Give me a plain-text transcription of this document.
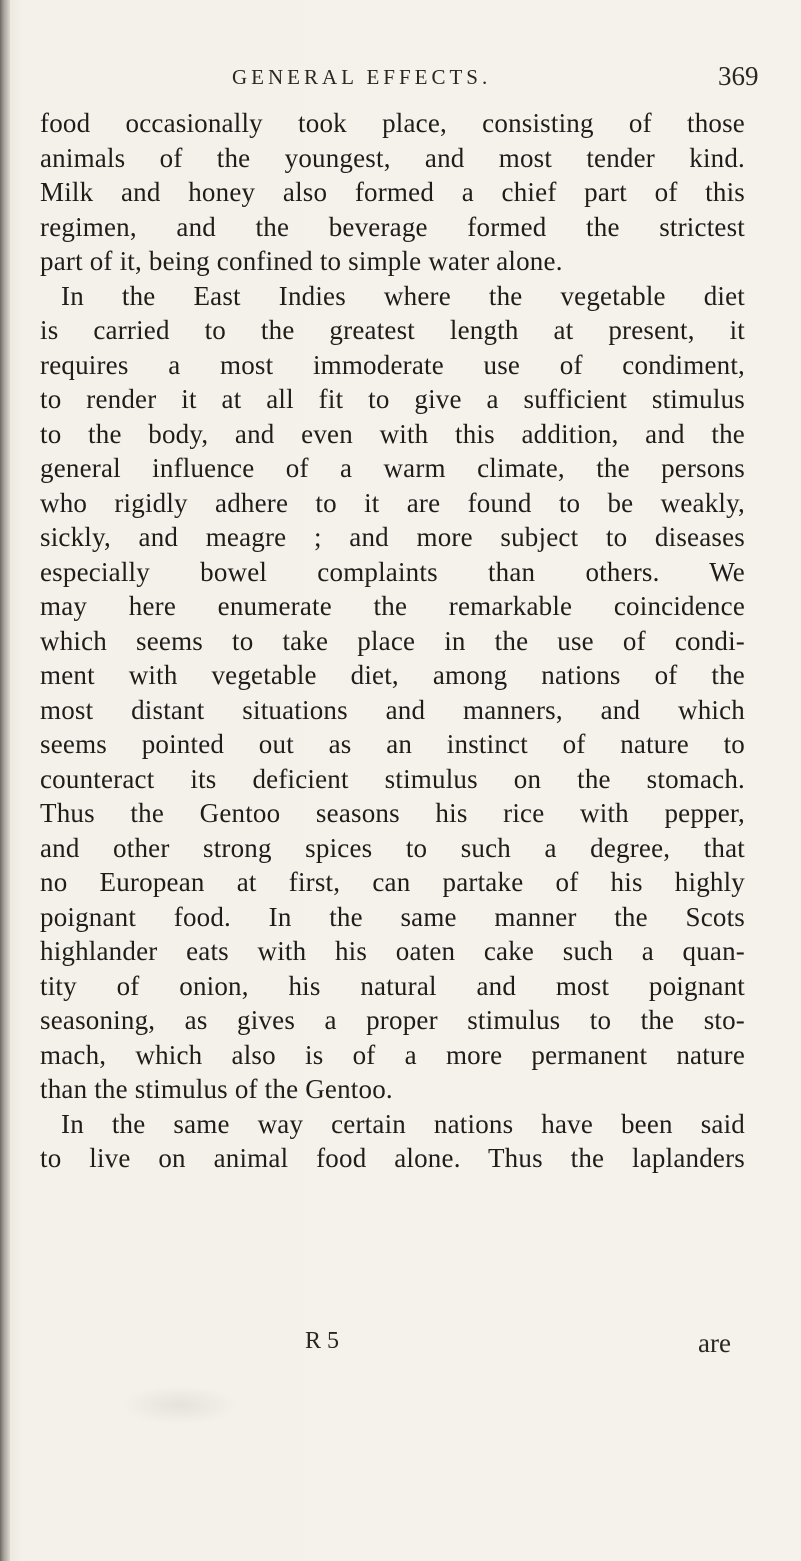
GENERAL EFFECTS.	369
food occasionally took place, consisting of those
animals of the youngest, and most tender kind.
Milk and honey also formed a chief part of this
regimen, and the beverage formed the strictest
part of it, being confined to simple water alone.
In the East Indies where the vegetable diet
is carried to the greatest length at present, it
requires a most immoderate use of condiment,
to render it at all fit to give a sufficient stimulus
to the body, and even with this addition, and the
general influence of a warm climate, the persons
who rigidly adhere to it are found to be weakly,
sickly, and meagre ; and more subject to diseases
especially bowel complaints than others. We
may here enumerate the remarkable coincidence
which seems to take place in the use of condi-
ment with vegetable diet, among nations of the
most distant situations and manners, and which
seems pointed out as an instinct of nature to
counteract its deficient stimulus on the stomach.
Thus the Gentoo seasons his rice with pepper,
and other strong spices to such a degree, that
no European at first, can partake of his highly
poignant food. In the same manner the Scots
highlander eats with his oaten cake such a quan-
tity of onion, his natural and most poignant
seasoning, as gives a proper stimulus to the sto-
mach, which also is of a more permanent nature
than the stimulus of the Gentoo.
In the same way certain nations have been said
to live on animal food alone. Thus the laplanders
R 5	are
